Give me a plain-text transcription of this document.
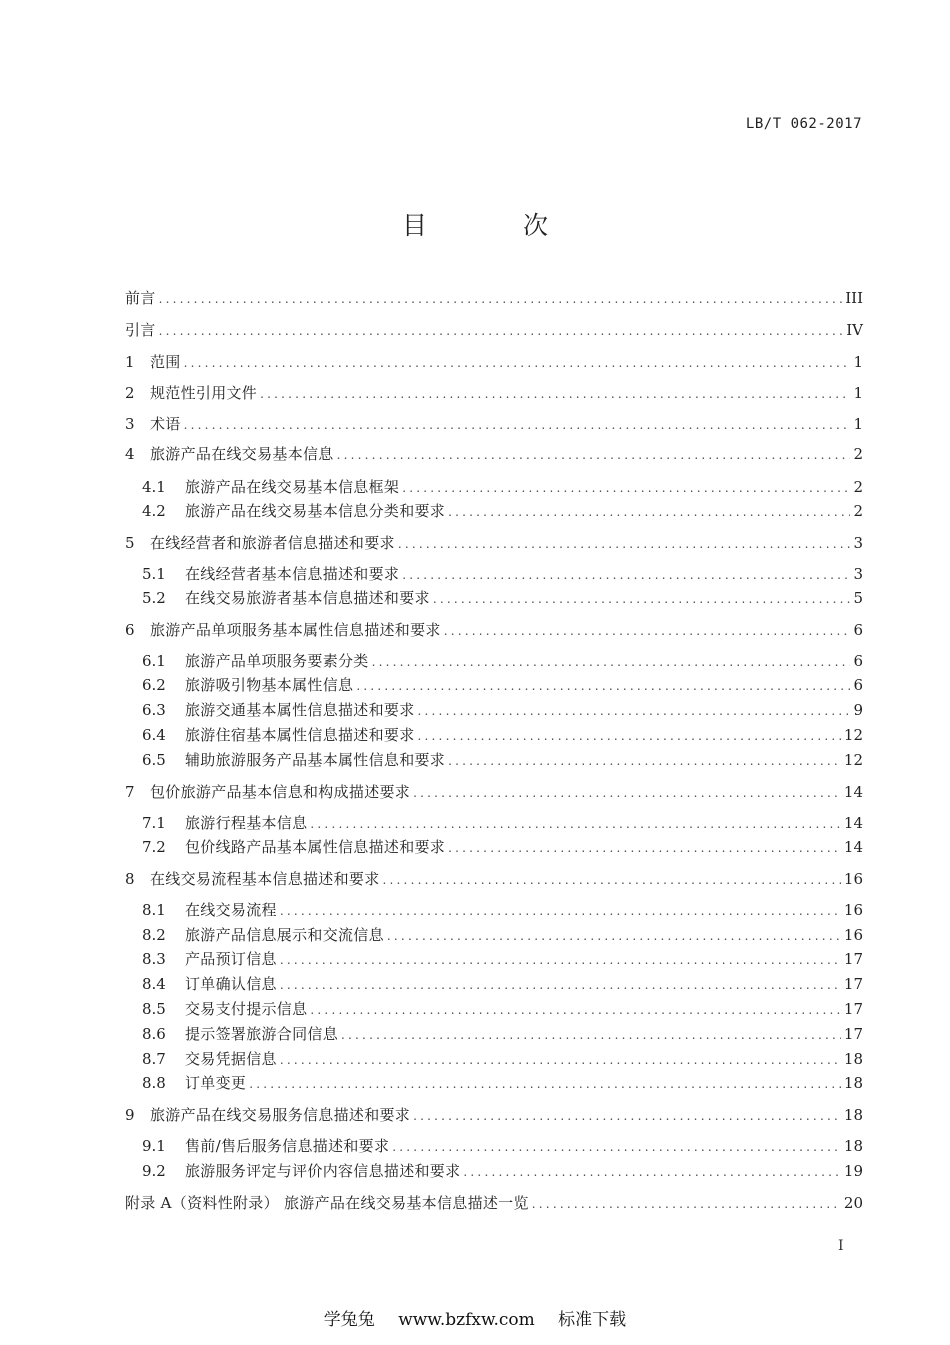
LB/T 062-2017
目 次
前言 .....	III
引言 .....	IV
1	范围 .....	1
2	规范性引用文件 .....	1
3	术语 .....	1
4	旅游产品在线交易基本信息 .....	2
4.1	旅游产品在线交易基本信息框架 .....	2
4.2	旅游产品在线交易基本信息分类和要求 .....	2
5	在线经营者和旅游者信息描述和要求 .....	3
5.1	在线经营者基本信息描述和要求 .....	3
5.2	在线交易旅游者基本信息描述和要求 .....	5
6	旅游产品单项服务基本属性信息描述和要求 .....	6
6.1	旅游产品单项服务要素分类 .....	6
6.2	旅游吸引物基本属性信息 .....	6
6.3	旅游交通基本属性信息描述和要求 .....	9
6.4	旅游住宿基本属性信息描述和要求 .....	12
6.5	辅助旅游服务产品基本属性信息和要求 .....	12
7	包价旅游产品基本信息和构成描述要求 .....	14
7.1	旅游行程基本信息 .....	14
7.2	包价线路产品基本属性信息描述和要求 .....	14
8	在线交易流程基本信息描述和要求 .....	16
8.1	在线交易流程 .....	16
8.2	旅游产品信息展示和交流信息 .....	16
8.3	产品预订信息 .....	17
8.4	订单确认信息 .....	17
8.5	交易支付提示信息 .....	17
8.6	提示签署旅游合同信息 .....	17
8.7	交易凭据信息 .....	18
8.8	订单变更 .....	18
9	旅游产品在线交易服务信息描述和要求 .....	18
9.1	售前/售后服务信息描述和要求 .....	18
9.2	旅游服务评定与评价内容信息描述和要求 .....	19
附录 A（资料性附录） 旅游产品在线交易基本信息描述一览 .....	20
I
学兔兔 www.bzfxw.com 标准下载
